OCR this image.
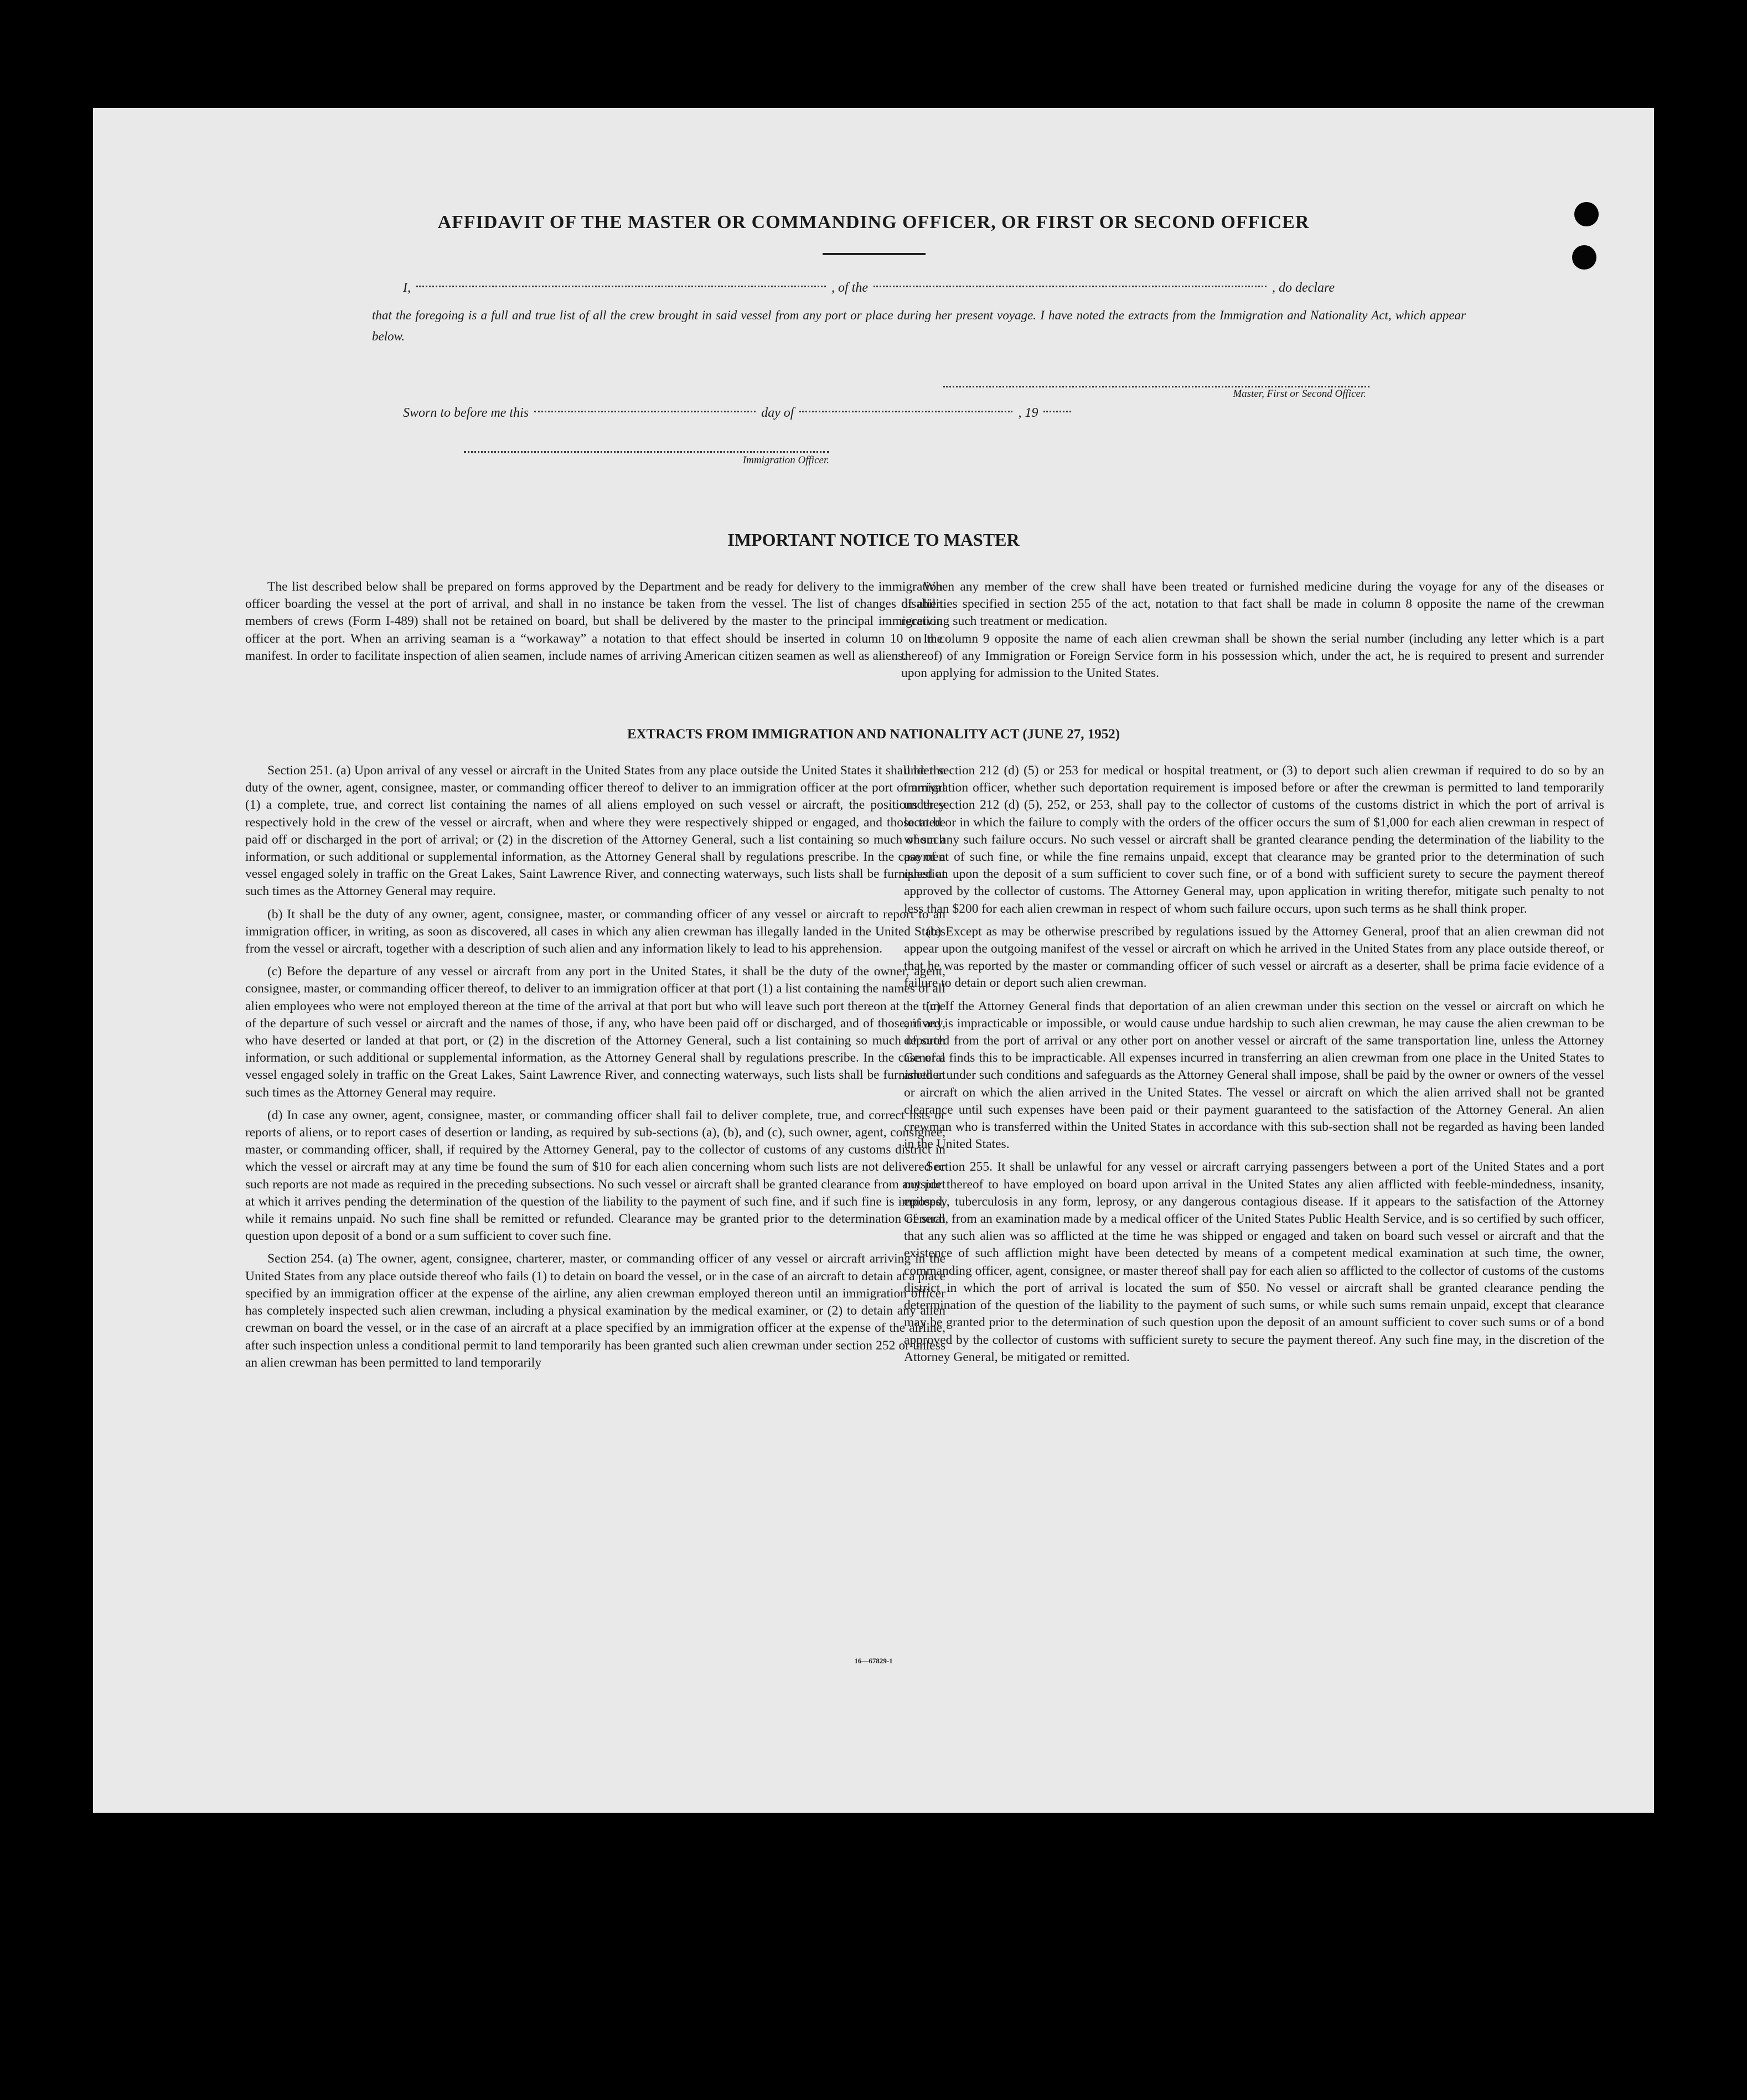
AFFIDAVIT OF THE MASTER OR COMMANDING OFFICER, OR FIRST OR SECOND OFFICER
I,	, of the	, do declare
that the foregoing is a full and true list of all the crew brought in said vessel from any port or place during her present voyage. I have noted the extracts from the Immigration and Nationality Act, which appear below.
Master, First or Second Officer.
Sworn to before me this	day of	, 19
Immigration Officer.
IMPORTANT NOTICE TO MASTER

The list described below shall be prepared on forms approved by the Department and be ready for delivery to the immigration officer boarding the vessel at the port of arrival, and shall in no instance be taken from the vessel. The list of changes of alien members of crews (Form I-489) shall not be retained on board, but shall be delivered by the master to the principal immigration officer at the port. When an arriving seaman is a “workaway” a notation to that effect should be inserted in column 10 on the manifest. In order to facilitate inspection of alien seamen, include names of arriving American citizen seamen as well as aliens.

When any member of the crew shall have been treated or furnished medicine during the voyage for any of the diseases or disabilities specified in section 255 of the act, notation to that fact shall be made in column 8 opposite the name of the crewman receiving such treatment or medication.

In column 9 opposite the name of each alien crewman shall be shown the serial number (including any letter which is a part thereof) of any Immigration or Foreign Service form in his possession which, under the act, he is required to present and surrender upon applying for admission to the United States.

EXTRACTS FROM IMMIGRATION AND NATIONALITY ACT (JUNE 27, 1952)

Section 251. (a) Upon arrival of any vessel or aircraft in the United States from any place outside the United States it shall be the duty of the owner, agent, consignee, master, or commanding officer thereof to deliver to an immigration officer at the port of arrival (1) a complete, true, and correct list containing the names of all aliens employed on such vessel or aircraft, the positions they respectively hold in the crew of the vessel or aircraft, when and where they were respectively shipped or engaged, and those to be paid off or discharged in the port of arrival; or (2) in the discretion of the Attorney General, such a list containing so much of such information, or such additional or supplemental information, as the Attorney General shall by regulations prescribe. In the case of a vessel engaged solely in traffic on the Great Lakes, Saint Lawrence River, and connecting waterways, such lists shall be furnished at such times as the Attorney General may require.

(b) It shall be the duty of any owner, agent, consignee, master, or commanding officer of any vessel or aircraft to report to an immigration officer, in writing, as soon as discovered, all cases in which any alien crewman has illegally landed in the United States from the vessel or aircraft, together with a description of such alien and any information likely to lead to his apprehension.

(c) Before the departure of any vessel or aircraft from any port in the United States, it shall be the duty of the owner, agent, consignee, master, or commanding officer thereof, to deliver to an immigration officer at that port (1) a list containing the names of all alien employees who were not employed thereon at the time of the arrival at that port but who will leave such port thereon at the time of the departure of such vessel or aircraft and the names of those, if any, who have been paid off or discharged, and of those, if any, who have deserted or landed at that port, or (2) in the discretion of the Attorney General, such a list containing so much of such information, or such additional or supplemental information, as the Attorney General shall by regulations prescribe. In the case of a vessel engaged solely in traffic on the Great Lakes, Saint Lawrence River, and connecting waterways, such lists shall be furnished at such times as the Attorney General may require.

(d) In case any owner, agent, consignee, master, or commanding officer shall fail to deliver complete, true, and correct lists or reports of aliens, or to report cases of desertion or landing, as required by sub-sections (a), (b), and (c), such owner, agent, consignee, master, or commanding officer, shall, if required by the Attorney General, pay to the collector of customs of any customs district in which the vessel or aircraft may at any time be found the sum of $10 for each alien concerning whom such lists are not delivered or such reports are not made as required in the preceding subsections. No such vessel or aircraft shall be granted clearance from any port at which it arrives pending the determination of the question of the liability to the payment of such fine, and if such fine is imposed, while it remains unpaid. No such fine shall be remitted or refunded. Clearance may be granted prior to the determination of such question upon deposit of a bond or a sum sufficient to cover such fine.

Section 254. (a) The owner, agent, consignee, charterer, master, or commanding officer of any vessel or aircraft arriving in the United States from any place outside thereof who fails (1) to detain on board the vessel, or in the case of an aircraft to detain at a place specified by an immigration officer at the expense of the airline, any alien crewman employed thereon until an immigration officer has completely inspected such alien crewman, including a physical examination by the medical examiner, or (2) to detain any alien crewman on board the vessel, or in the case of an aircraft at a place specified by an immigration officer at the expense of the airline, after such inspection unless a conditional permit to land temporarily has been granted such alien crewman under section 252 or unless an alien crewman has been permitted to land temporarily

under section 212 (d) (5) or 253 for medical or hospital treatment, or (3) to deport such alien crewman if required to do so by an immigration officer, whether such deportation requirement is imposed before or after the crewman is permitted to land temporarily under section 212 (d) (5), 252, or 253, shall pay to the collector of customs of the customs district in which the port of arrival is located or in which the failure to comply with the orders of the officer occurs the sum of $1,000 for each alien crewman in respect of whom any such failure occurs. No such vessel or aircraft shall be granted clearance pending the determination of the liability to the payment of such fine, or while the fine remains unpaid, except that clearance may be granted prior to the determination of such question upon the deposit of a sum sufficient to cover such fine, or of a bond with sufficient surety to secure the payment thereof approved by the collector of customs. The Attorney General may, upon application in writing therefor, mitigate such penalty to not less than $200 for each alien crewman in respect of whom such failure occurs, upon such terms as he shall think proper.

(b) Except as may be otherwise prescribed by regulations issued by the Attorney General, proof that an alien crewman did not appear upon the outgoing manifest of the vessel or aircraft on which he arrived in the United States from any place outside thereof, or that he was reported by the master or commanding officer of such vessel or aircraft as a deserter, shall be prima facie evidence of a failure to detain or deport such alien crewman.

(c) If the Attorney General finds that deportation of an alien crewman under this section on the vessel or aircraft on which he arrived is impracticable or impossible, or would cause undue hardship to such alien crewman, he may cause the alien crewman to be deported from the port of arrival or any other port on another vessel or aircraft of the same transportation line, unless the Attorney General finds this to be impracticable. All expenses incurred in transferring an alien crewman from one place in the United States to another under such conditions and safeguards as the Attorney General shall impose, shall be paid by the owner or owners of the vessel or aircraft on which the alien arrived in the United States. The vessel or aircraft on which the alien arrived shall not be granted clearance until such expenses have been paid or their payment guaranteed to the satisfaction of the Attorney General. An alien crewman who is transferred within the United States in accordance with this sub-section shall not be regarded as having been landed in the United States.

Section 255. It shall be unlawful for any vessel or aircraft carrying passengers between a port of the United States and a port outside thereof to have employed on board upon arrival in the United States any alien afflicted with feeble-mindedness, insanity, epilepsy, tuberculosis in any form, leprosy, or any dangerous contagious disease. If it appears to the satisfaction of the Attorney General, from an examination made by a medical officer of the United States Public Health Service, and is so certified by such officer, that any such alien was so afflicted at the time he was shipped or engaged and taken on board such vessel or aircraft and that the existence of such affliction might have been detected by means of a competent medical examination at such time, the owner, commanding officer, agent, consignee, or master thereof shall pay for each alien so afflicted to the collector of customs of the customs district in which the port of arrival is located the sum of $50. No vessel or aircraft shall be granted clearance pending the determination of the question of the liability to the payment of such sums, or while such sums remain unpaid, except that clearance may be granted prior to the determination of such question upon the deposit of an amount sufficient to cover such sums or of a bond approved by the collector of customs with sufficient surety to secure the payment thereof. Any such fine may, in the discretion of the Attorney General, be mitigated or remitted.

16—67829-1
